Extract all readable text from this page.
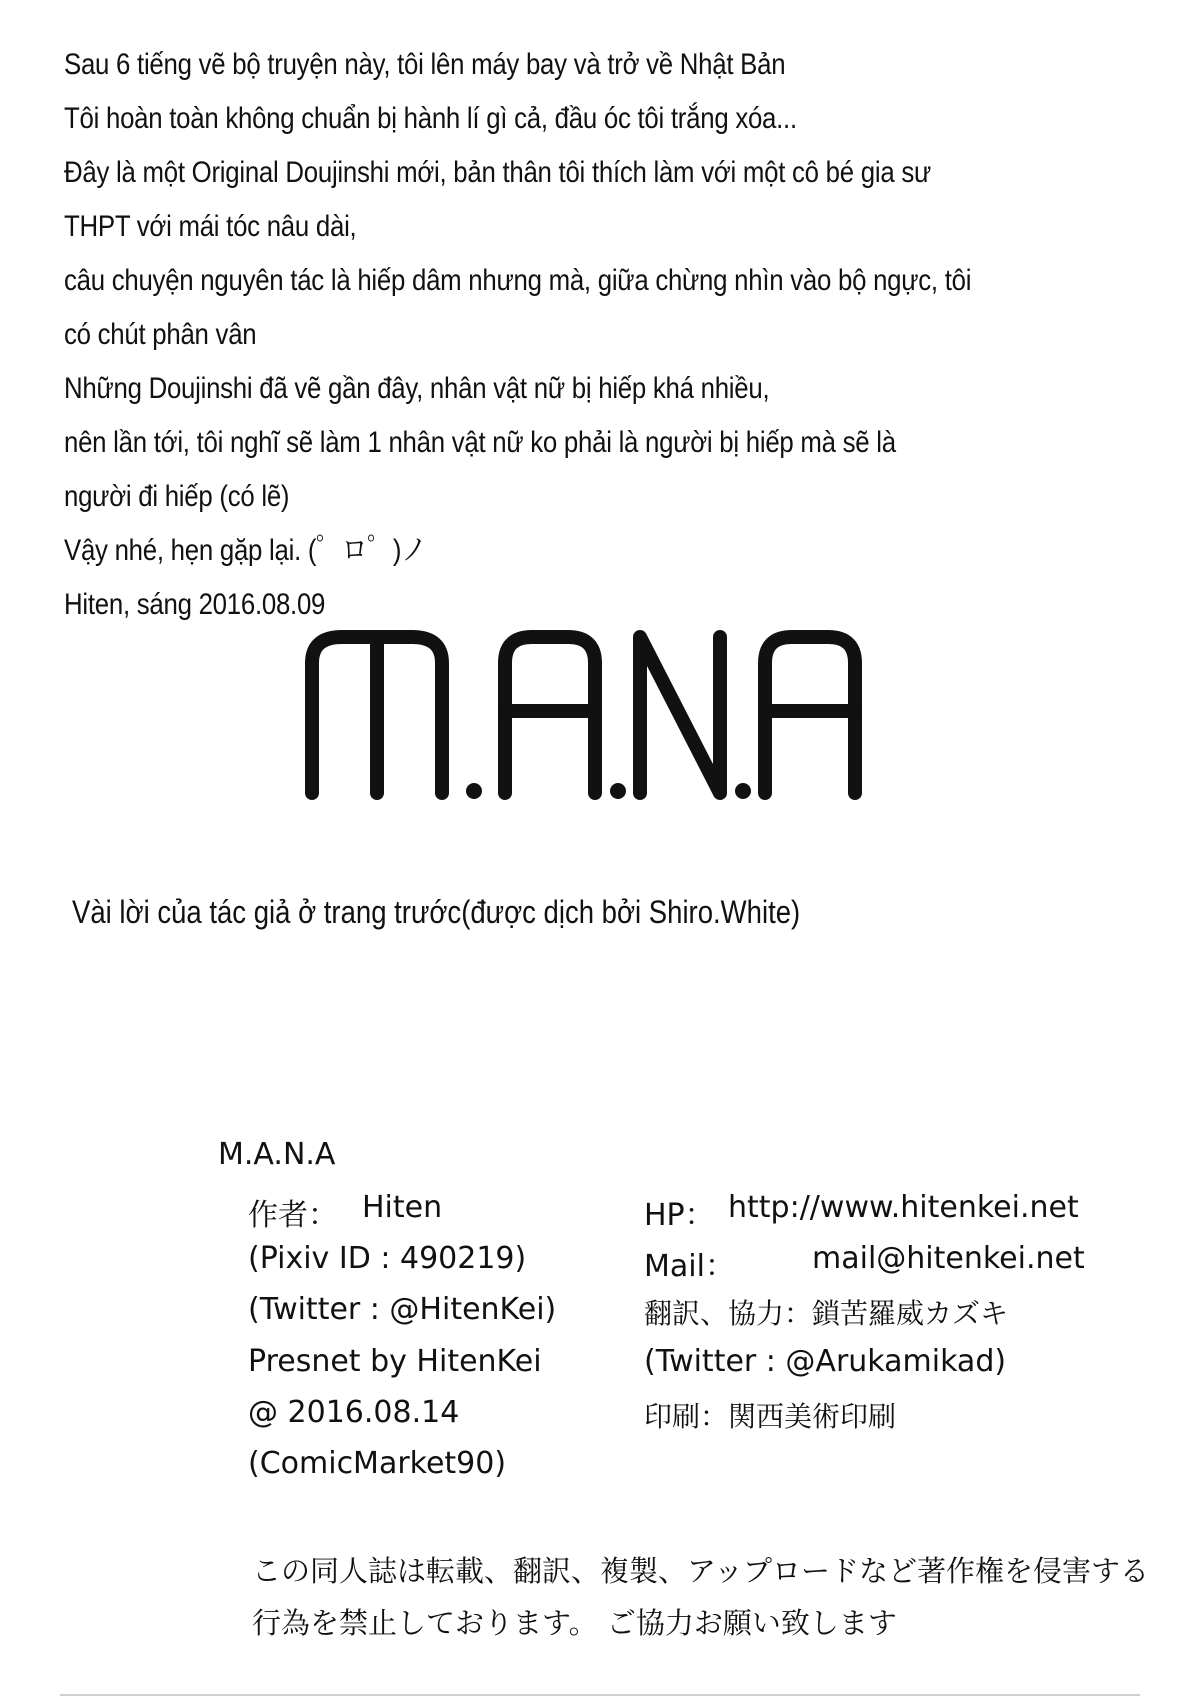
Sau 6 tiếng vẽ bộ truyện này, tôi lên máy bay và trở về Nhật Bản
Tôi hoàn toàn không chuẩn bị hành lí gì cả, đầu óc tôi trắng xóa...
Đây là một Original Doujinshi mới, bản thân tôi thích làm với một cô bé gia sư
THPT với mái tóc nâu dài,
câu chuyện nguyên tác là hiếp dâm nhưng mà, giữa chừng nhìn vào bộ ngực, tôi
có chút phân vân
Những Doujinshi đã vẽ gần đây, nhân vật nữ bị hiếp khá nhiều,
nên lần tới, tôi nghĩ sẽ làm 1 nhân vật nữ ko phải là người bị hiếp mà sẽ là
người đi hiếp (có lẽ)
Vậy nhé, hẹn gặp lại. (゜ロ゜)ノ
Hiten, sáng 2016.08.09
Vài lời của tác giả ở trang trước(được dịch bởi Shiro.White)
M.A.N.A
作者： Hiten
(Pixiv ID : 490219)
(Twitter : @HitenKei)
Presnet by HitenKei
@ 2016.08.14
(ComicMarket90)
HP： http://www.hitenkei.net
Mail：	mail@hitenkei.net
翻訳、協力：鎖苦羅威カズキ
(Twitter : @Arukamikad)
印刷：関西美術印刷
この同人誌は転載、翻訳、複製、アップロードなど著作権を侵害する
行為を禁止しております。 ご協力お願い致します
